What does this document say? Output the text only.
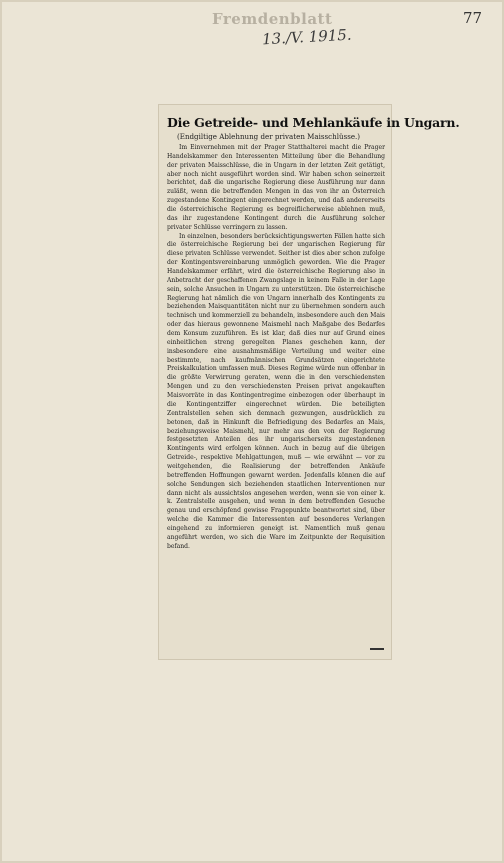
Fremdenblatt
13./V. 1915.
77
Die Getreide- und Mehlankäufe in Ungarn.
(Endgiltige Ablehnung der privaten Maisschlüsse.)

Im Einvernehmen mit der Prager Statthalterei macht die Prager Handelskammer den Interessenten Mitteilung über die Behandlung der privaten Maisschlüsse, die in Ungarn in der letzten Zeit getätigt, aber noch nicht ausgeführt worden sind. Wir haben schon seinerzeit berichtet, daß die ungarische Regierung diese Ausführung nur dann zuläßt, wenn die betreffenden Mengen in das von ihr an Österreich zugestandene Kontingent eingerechnet werden, und daß andererseits die österreichische Regierung es begreiflicherweise ablehnen muß, das ihr zugestandene Kontingent durch die Ausführung solcher privater Schlüsse verringern zu lassen.

In einzelnen, besonders berücksichtigungswerten Fällen hatte sich die österreichische Regierung bei der ungarischen Regierung für diese privaten Schlüsse verwendet. Seither ist dies aber schon zufolge der Kontingentsvereinbarung unmöglich geworden. Wie die Prager Handelskammer erfährt, wird die österreichische Regierung also in Anbetracht der geschaffenen Zwangslage in keinem Falle in der Lage sein, solche Ansuchen in Ungarn zu unterstützen. Die österreichische Regierung hat nämlich die von Ungarn innerhalb des Kontingents zu beziehenden Maisquantitäten nicht nur zu übernehmen sondern auch technisch und kommerziell zu behandeln, insbesondere auch den Mais oder das hieraus gewonnene Maismehl nach Maßgabe des Bedarfes dem Konsum zuzuführen. Es ist klar, daß dies nur auf Grund eines einheitlichen streng geregelten Planes geschehen kann, der insbesondere eine ausnahmsmäßige Verteilung und weiter eine bestimmte, nach kaufmännischen Grundsätzen eingerichtete Preiskalkulation umfassen muß. Dieses Regime würde nun offenbar in die größte Verwirrung geraten, wenn die in den verschiedensten Mengen und zu den verschiedensten Preisen privat angekauften Maisvorräte in das Kontingentregime einbezogen oder überhaupt in die Kontingentziffer eingerechnet würden. Die beteiligten Zentralstellen sehen sich demnach gezwungen, ausdrücklich zu betonen, daß in Hinkunft die Befriedigung des Bedarfes an Mais, beziehungsweise Maismehl, nur mehr aus den von der Regierung festgesetzten Anteilen des ihr ungarischerseits zugestandenen Kontingents wird erfolgen können. Auch in bezug auf die übrigen Getreide-, respektive Mehlgattungen, muß — wie erwähnt — vor zu weitgehenden, die Realisierung der betreffenden Ankäufe betreffenden Hoffnungen gewarnt werden. Jedenfalls können die auf solche Sendungen sich beziehenden staatlichen Interventionen nur dann nicht als aussichtslos angesehen werden, wenn sie von einer k. k. Zentralstelle ausgehen, und wenn in dem betreffenden Gesuche genau und erschöpfend gewisse Fragepunkte beantwortet sind, über welche die Kammer die Interessenten auf besonderes Verlangen eingehend zu informieren geneigt ist. Namentlich muß genau angeführt werden, wo sich die Ware im Zeitpunkte der Requisition befand.
